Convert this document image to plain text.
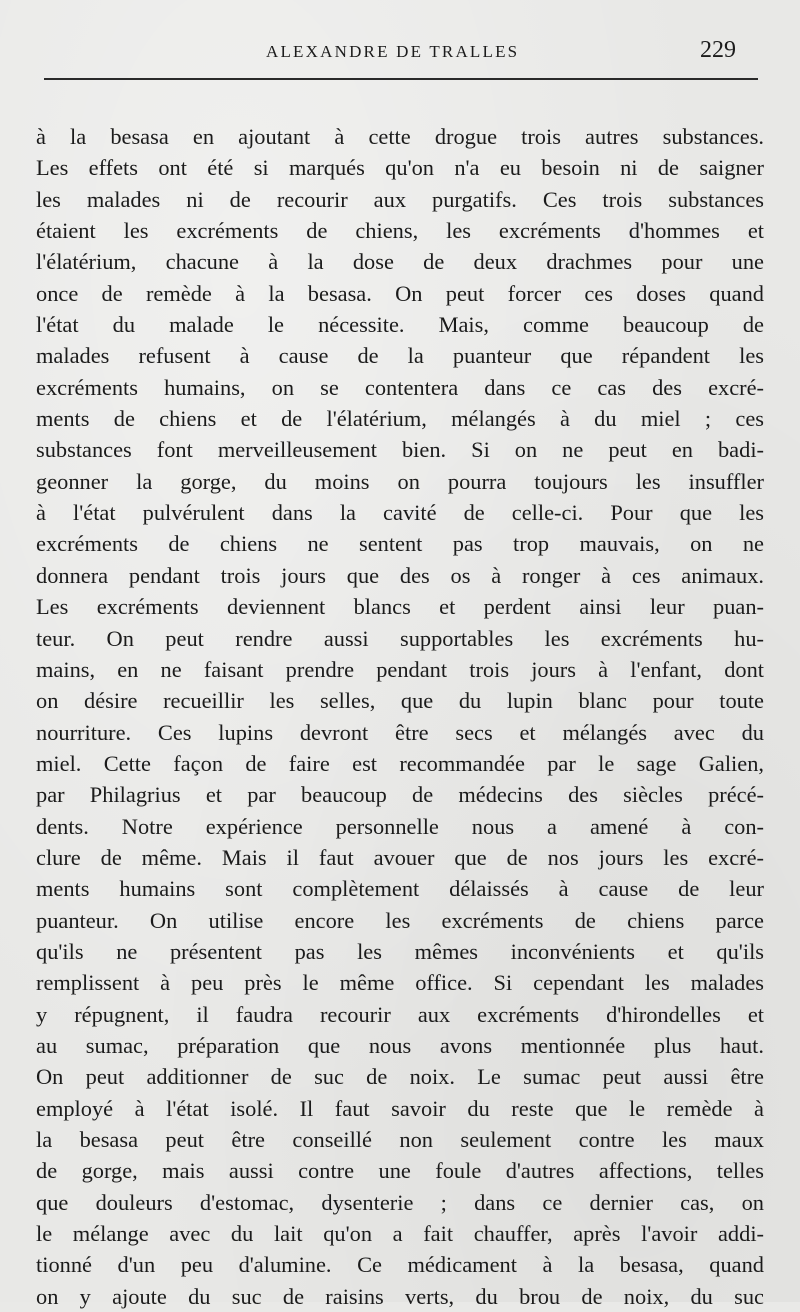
ALEXANDRE DE TRALLES	229
à la besasa en ajoutant à cette drogue trois autres substances.
Les effets ont été si marqués qu'on n'a eu besoin ni de saigner
les malades ni de recourir aux purgatifs. Ces trois substances
étaient les excréments de chiens, les excréments d'hommes et
l'élatérium, chacune à la dose de deux drachmes pour une
once de remède à la besasa. On peut forcer ces doses quand
l'état du malade le nécessite. Mais, comme beaucoup de
malades refusent à cause de la puanteur que répandent les
excréments humains, on se contentera dans ce cas des excré-
ments de chiens et de l'élatérium, mélangés à du miel ; ces
substances font merveilleusement bien. Si on ne peut en badi-
geonner la gorge, du moins on pourra toujours les insuffler
à l'état pulvérulent dans la cavité de celle-ci. Pour que les
excréments de chiens ne sentent pas trop mauvais, on ne
donnera pendant trois jours que des os à ronger à ces animaux.
Les excréments deviennent blancs et perdent ainsi leur puan-
teur. On peut rendre aussi supportables les excréments hu-
mains, en ne faisant prendre pendant trois jours à l'enfant, dont
on désire recueillir les selles, que du lupin blanc pour toute
nourriture. Ces lupins devront être secs et mélangés avec du
miel. Cette façon de faire est recommandée par le sage Galien,
par Philagrius et par beaucoup de médecins des siècles précé-
dents. Notre expérience personnelle nous a amené à con-
clure de même. Mais il faut avouer que de nos jours les excré-
ments humains sont complètement délaissés à cause de leur
puanteur. On utilise encore les excréments de chiens parce
qu'ils ne présentent pas les mêmes inconvénients et qu'ils
remplissent à peu près le même office. Si cependant les malades
y répugnent, il faudra recourir aux excréments d'hirondelles et
au sumac, préparation que nous avons mentionnée plus haut.
On peut additionner de suc de noix. Le sumac peut aussi être
employé à l'état isolé. Il faut savoir du reste que le remède à
la besasa peut être conseillé non seulement contre les maux
de gorge, mais aussi contre une foule d'autres affections, telles
que douleurs d'estomac, dysenterie ; dans ce dernier cas, on
le mélange avec du lait qu'on a fait chauffer, après l'avoir addi-
tionné d'un peu d'alumine. Ce médicament à la besasa, quand
on y ajoute du suc de raisins verts, du brou de noix, du suc
